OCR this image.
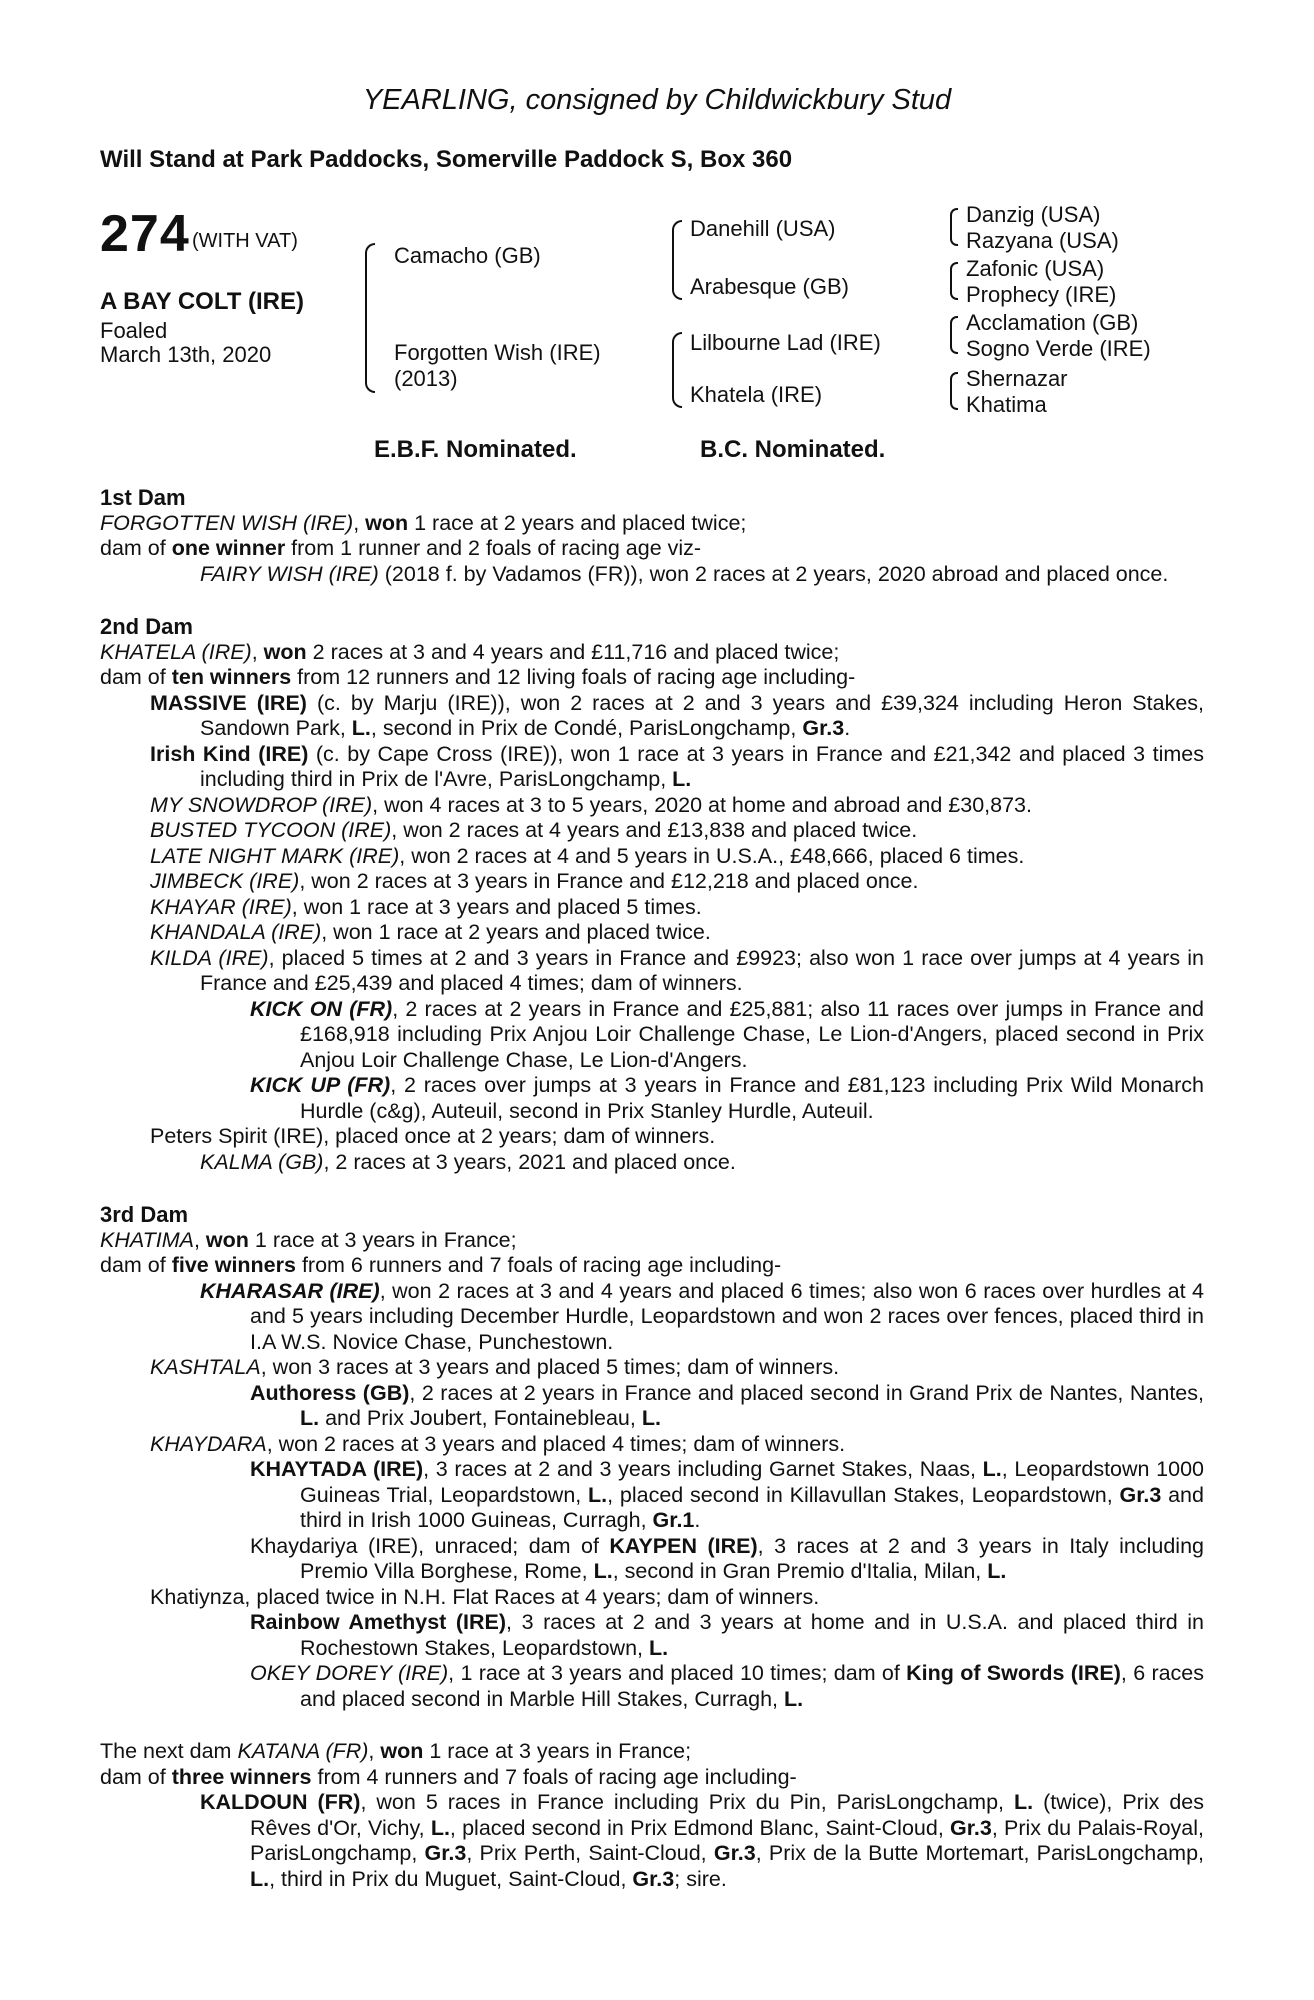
YEARLING, consigned by Childwickbury Stud
Will Stand at Park Paddocks, Somerville Paddock S, Box 360
274 (WITH VAT)
A BAY COLT (IRE)
Foaled
March 13th, 2020
Camacho (GB)
Forgotten Wish (IRE)
(2013)
Danehill (USA)
Arabesque (GB)
Lilbourne Lad (IRE)
Khatela (IRE)
Danzig (USA)
Razyana (USA)
Zafonic (USA)
Prophecy (IRE)
Acclamation (GB)
Sogno Verde (IRE)
Shernazar
Khatima
E.B.F. Nominated.	B.C. Nominated.

1st Dam

FORGOTTEN WISH (IRE), won 1 race at 2 years and placed twice;

dam of one winner from 1 runner and 2 foals of racing age viz-

FAIRY WISH (IRE) (2018 f. by Vadamos (FR)), won 2 races at 2 years, 2020 abroad and placed once.

2nd Dam

KHATELA (IRE), won 2 races at 3 and 4 years and £11,716 and placed twice;

dam of ten winners from 12 runners and 12 living foals of racing age including-

MASSIVE (IRE) (c. by Marju (IRE)), won 2 races at 2 and 3 years and £39,324 including Heron Stakes, Sandown Park, L., second in Prix de Condé, ParisLongchamp, Gr.3.

Irish Kind (IRE) (c. by Cape Cross (IRE)), won 1 race at 3 years in France and £21,342 and placed 3 times including third in Prix de l'Avre, ParisLongchamp, L.

MY SNOWDROP (IRE), won 4 races at 3 to 5 years, 2020 at home and abroad and £30,873.

BUSTED TYCOON (IRE), won 2 races at 4 years and £13,838 and placed twice.

LATE NIGHT MARK (IRE), won 2 races at 4 and 5 years in U.S.A., £48,666, placed 6 times.

JIMBECK (IRE), won 2 races at 3 years in France and £12,218 and placed once.

KHAYAR (IRE), won 1 race at 3 years and placed 5 times.

KHANDALA (IRE), won 1 race at 2 years and placed twice.

KILDA (IRE), placed 5 times at 2 and 3 years in France and £9923; also won 1 race over jumps at 4 years in France and £25,439 and placed 4 times; dam of winners.

KICK ON (FR), 2 races at 2 years in France and £25,881; also 11 races over jumps in France and £168,918 including Prix Anjou Loir Challenge Chase, Le Lion-d'Angers, placed second in Prix Anjou Loir Challenge Chase, Le Lion-d'Angers.

KICK UP (FR), 2 races over jumps at 3 years in France and £81,123 including Prix Wild Monarch Hurdle (c&g), Auteuil, second in Prix Stanley Hurdle, Auteuil.

Peters Spirit (IRE), placed once at 2 years; dam of winners.

KALMA (GB), 2 races at 3 years, 2021 and placed once.

3rd Dam

KHATIMA, won 1 race at 3 years in France;

dam of five winners from 6 runners and 7 foals of racing age including-

KHARASAR (IRE), won 2 races at 3 and 4 years and placed 6 times; also won 6 races over hurdles at 4 and 5 years including December Hurdle, Leopardstown and won 2 races over fences, placed third in I.A W.S. Novice Chase, Punchestown.

KASHTALA, won 3 races at 3 years and placed 5 times; dam of winners.

Authoress (GB), 2 races at 2 years in France and placed second in Grand Prix de Nantes, Nantes, L. and Prix Joubert, Fontainebleau, L.

KHAYDARA, won 2 races at 3 years and placed 4 times; dam of winners.

KHAYTADA (IRE), 3 races at 2 and 3 years including Garnet Stakes, Naas, L., Leopardstown 1000 Guineas Trial, Leopardstown, L., placed second in Killavullan Stakes, Leopardstown, Gr.3 and third in Irish 1000 Guineas, Curragh, Gr.1.

Khaydariya (IRE), unraced; dam of KAYPEN (IRE), 3 races at 2 and 3 years in Italy including Premio Villa Borghese, Rome, L., second in Gran Premio d'Italia, Milan, L.

Khatiynza, placed twice in N.H. Flat Races at 4 years; dam of winners.

Rainbow Amethyst (IRE), 3 races at 2 and 3 years at home and in U.S.A. and placed third in Rochestown Stakes, Leopardstown, L.

OKEY DOREY (IRE), 1 race at 3 years and placed 10 times; dam of King of Swords (IRE), 6 races and placed second in Marble Hill Stakes, Curragh, L.

The next dam KATANA (FR), won 1 race at 3 years in France;

dam of three winners from 4 runners and 7 foals of racing age including-

KALDOUN (FR), won 5 races in France including Prix du Pin, ParisLongchamp, L. (twice), Prix des Rêves d'Or, Vichy, L., placed second in Prix Edmond Blanc, Saint-Cloud, Gr.3, Prix du Palais-Royal, ParisLongchamp, Gr.3, Prix Perth, Saint-Cloud, Gr.3, Prix de la Butte Mortemart, ParisLongchamp, L., third in Prix du Muguet, Saint-Cloud, Gr.3; sire.
